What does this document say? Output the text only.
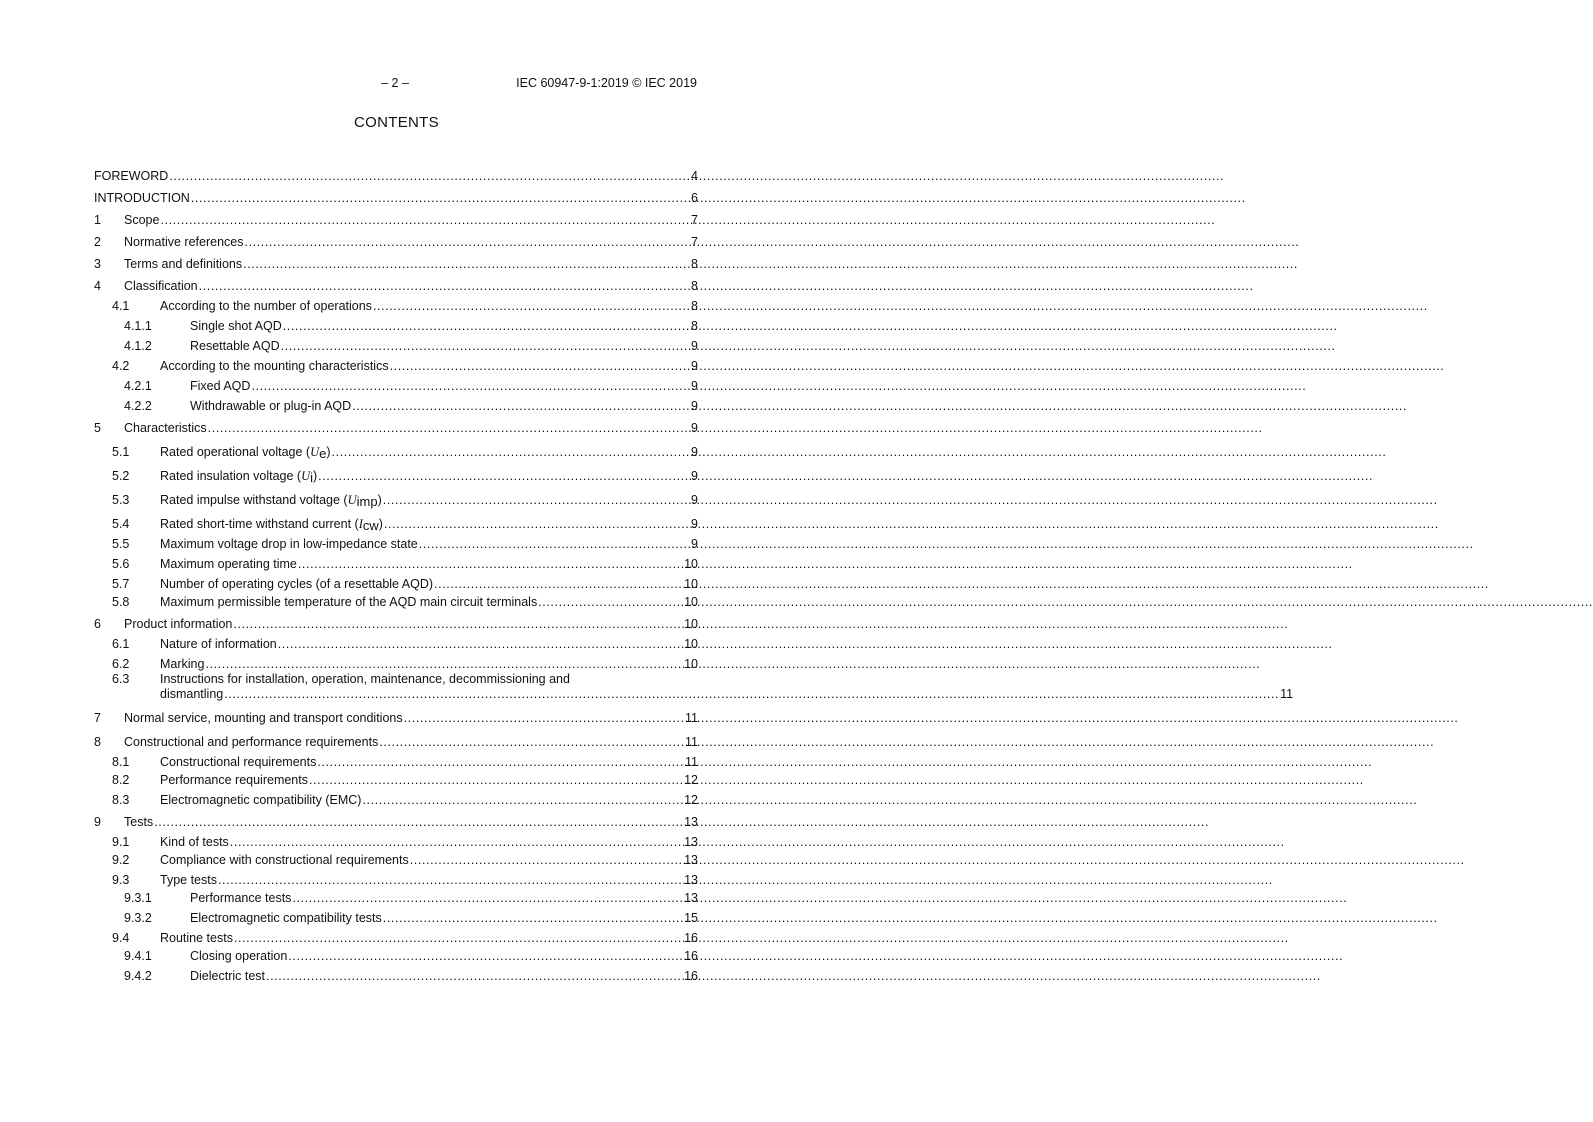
– 2 –	IEC 60947-9-1:2019 © IEC 2019
CONTENTS
FOREWORD .....	4
INTRODUCTION .....	6
1	Scope .....	7
2	Normative references .....	7
3	Terms and definitions .....	8
4	Classification .....	8
4.1	According to the number of operations .....	8
4.1.1	Single shot AQD .....	8
4.1.2	Resettable AQD .....	9
4.2	According to the mounting characteristics .....	9
4.2.1	Fixed AQD .....	9
4.2.2	Withdrawable or plug-in AQD .....	9
5	Characteristics .....	9
5.1	Rated operational voltage (Ue) .....	9
5.2	Rated insulation voltage (Ui) .....	9
5.3	Rated impulse withstand voltage (Uimp) .....	9
5.4	Rated short-time withstand current (Icw) .....	9
5.5	Maximum voltage drop in low-impedance state .....	9
5.6	Maximum operating time .....	10
5.7	Number of operating cycles (of a resettable AQD) .....	10
5.8	Maximum permissible temperature of the AQD main circuit terminals .....	10
6	Product information .....	10
6.1	Nature of information .....	10
6.2	Marking .....	10
6.3	Instructions for installation, operation, maintenance, decommissioning and
dismantling .....	11
7	Normal service, mounting and transport conditions .....	11
8	Constructional and performance requirements .....	11
8.1	Constructional requirements .....	11
8.2	Performance requirements .....	12
8.3	Electromagnetic compatibility (EMC) .....	12
9	Tests .....	13
9.1	Kind of tests .....	13
9.2	Compliance with constructional requirements .....	13
9.3	Type tests .....	13
9.3.1	Performance tests .....	13
9.3.2	Electromagnetic compatibility tests .....	15
9.4	Routine tests .....	16
9.4.1	Closing operation .....	16
9.4.2	Dielectric test .....	16
